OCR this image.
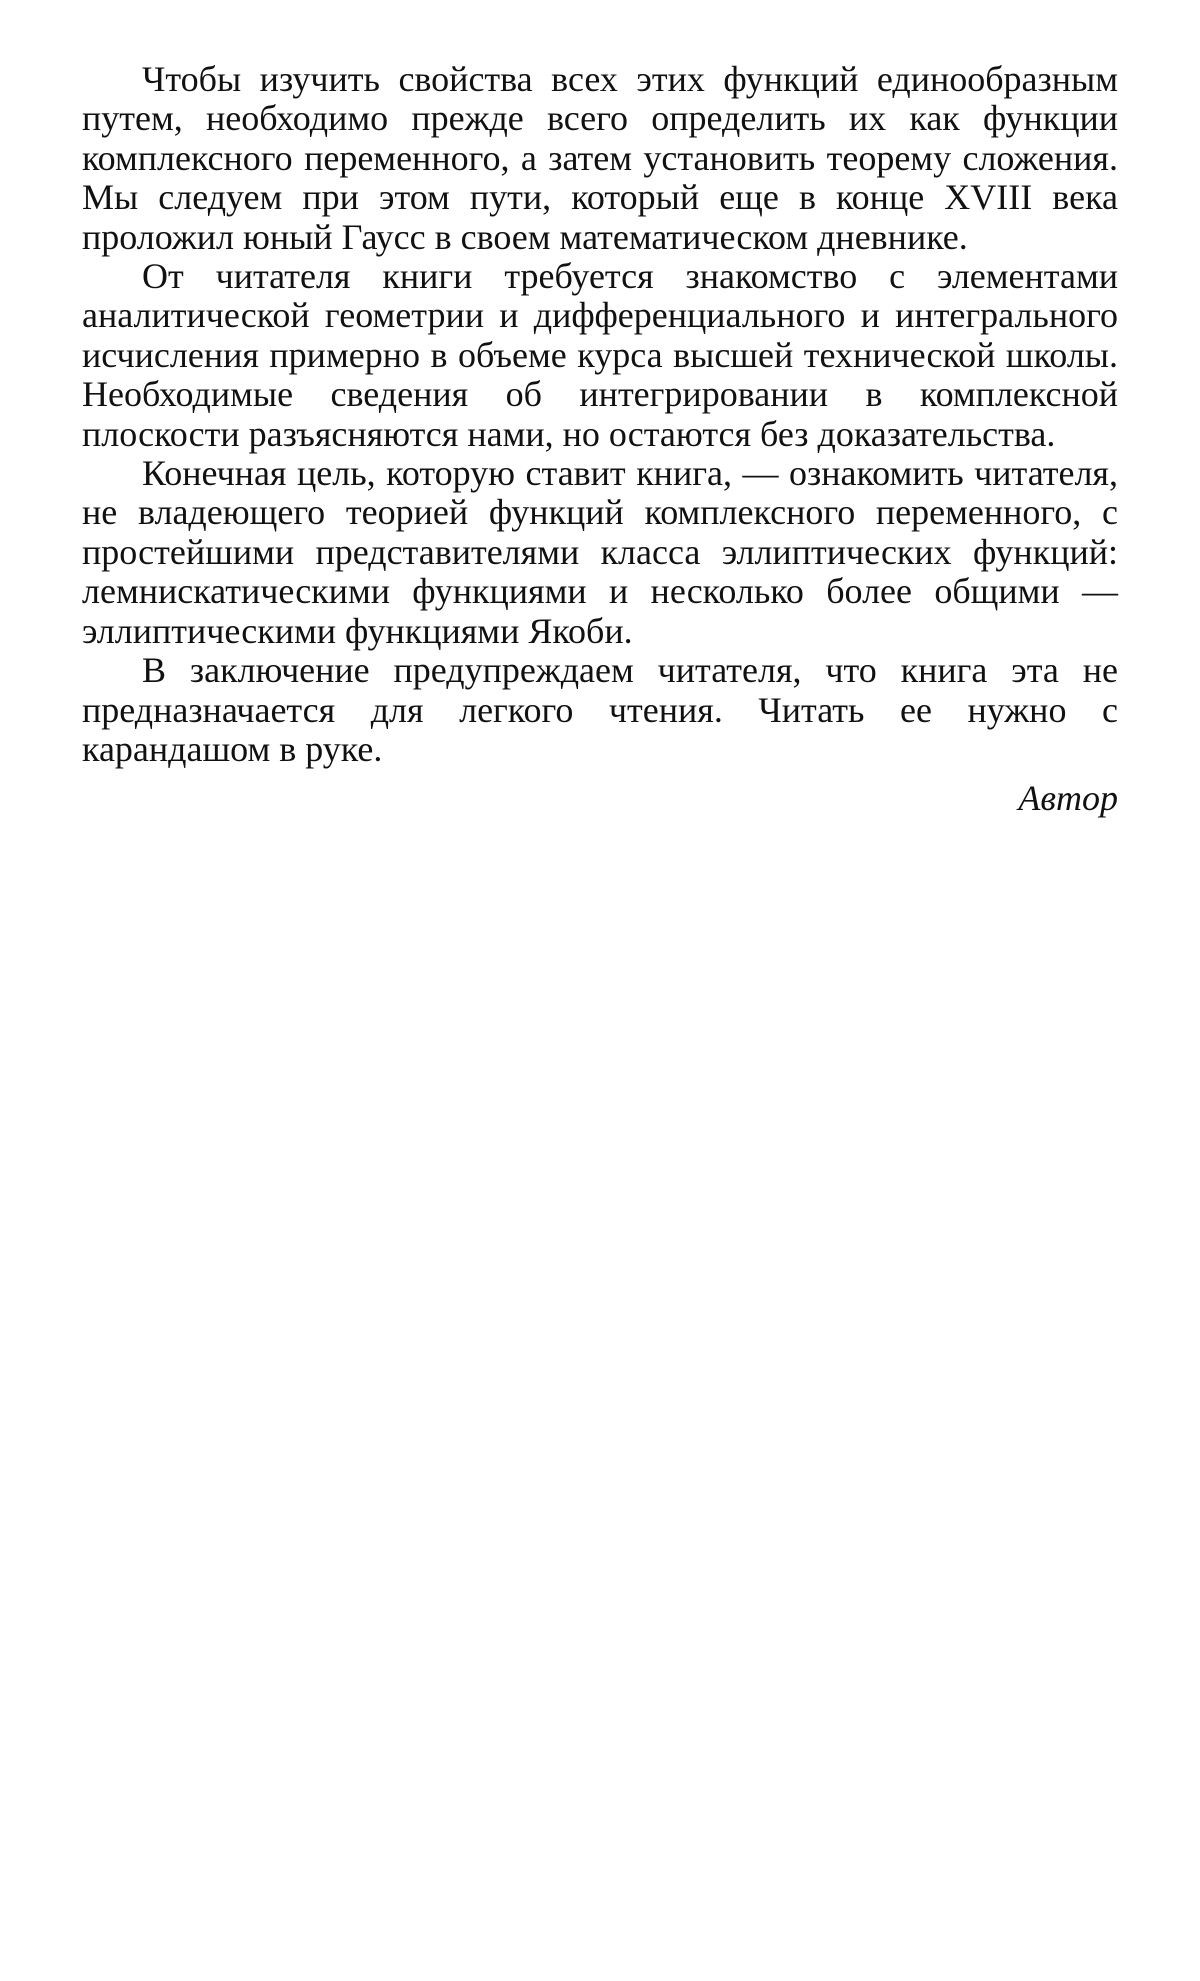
Чтобы изучить свойства всех этих функций единообразным путем, необходимо прежде всего определить их как функции комплексного переменного, а затем установить теорему сложения. Мы следуем при этом пути, который еще в конце XVIII века проложил юный Гаусс в своем математическом дневнике.

От читателя книги требуется знакомство с элементами аналитической геометрии и дифференциального и интегрального исчисления примерно в объеме курса высшей технической школы. Необходимые сведения об интегрировании в комплексной плоскости разъясняются нами, но остаются без доказательства.

Конечная цель, которую ставит книга, — ознакомить читателя, не владеющего теорией функций комплексного переменного, с простейшими представителями класса эллиптических функций: лемнискатическими функциями и несколько более общими — эллиптическими функциями Якоби.

В заключение предупреждаем читателя, что книга эта не предназначается для легкого чтения. Читать ее нужно с карандашом в руке.

Автор
